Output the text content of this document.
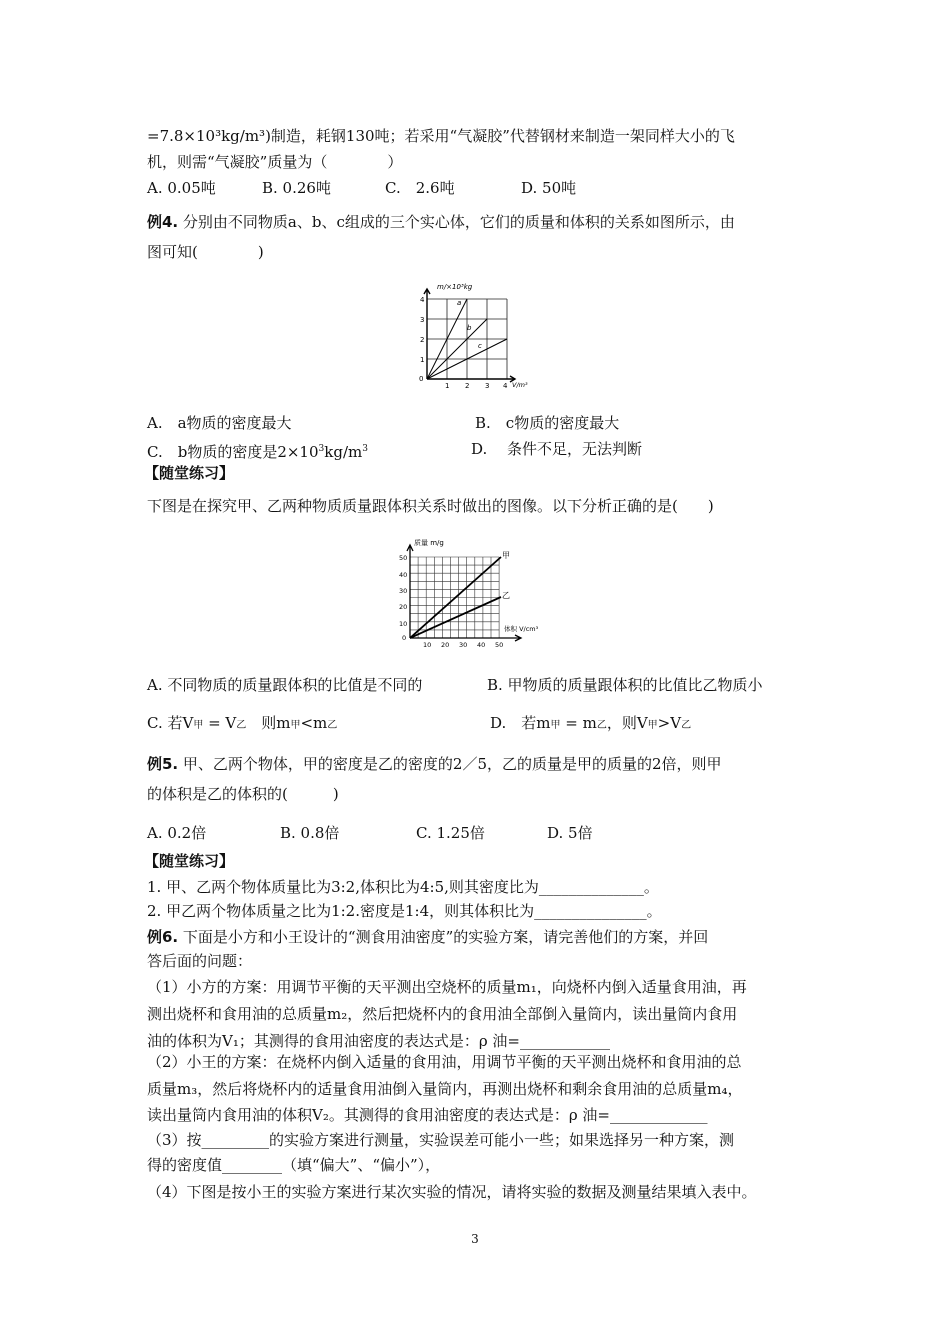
=7.8×10³kg/m³)制造，耗钢130吨；若采用“气凝胶”代替钢材来制造一架同样大小的飞
机，则需“气凝胶”质量为（　　　　）
A. 0.05吨	B. 0.26吨	C.　2.6吨	D. 50吨
例4. 分别由不同物质a、b、c组成的三个实心体，它们的质量和体积的关系如图所示，由
图可知(　　　　)
m/×10³kg
V/m³
0
1
2
3
4
1 2 3 4
a
b
c
A.　a物质的密度最大	B.　c物质的密度最大
C.　b物质的密度是$2\times 10^3kg/m^3$	D.　 条件不足，无法判断
【随堂练习】
下图是在探究甲、乙两种物质质量跟体积关系时做出的图像。以下分析正确的是(　　)
质量 m/g
体积 V/cm³
甲
乙
0
10
20
30
40
50
10 20 30 40 50
A. 不同物质的质量跟体积的比值是不同的	B. 甲物质的质量跟体积的比值比乙物质小
C. 若V甲 = V乙　则m甲<m乙	D.　若m甲 = m乙，则V甲>V乙
例5. 甲、乙两个物体，甲的密度是乙的密度的2／5，乙的质量是甲的质量的2倍，则甲
的体积是乙的体积的(　　　)
A. 0.2倍	B. 0.8倍	C. 1.25倍	D. 5倍
【随堂练习】
1. 甲、乙两个物体质量比为3:2,体积比为4:5,则其密度比为______________。
2. 甲乙两个物体质量之比为1:2.密度是1:4，则其体积比为_______________。
例6. 下面是小方和小王设计的“测食用油密度”的实验方案，请完善他们的方案，并回
答后面的问题：
（1）小方的方案：用调节平衡的天平测出空烧杯的质量m₁，向烧杯内倒入适量食用油，再
测出烧杯和食用油的总质量m₂，然后把烧杯内的食用油全部倒入量筒内，读出量筒内食用
油的体积为V₁；其测得的食用油密度的表达式是：ρ 油=____________
（2）小王的方案：在烧杯内倒入适量的食用油，用调节平衡的天平测出烧杯和食用油的总
质量m₃，然后将烧杯内的适量食用油倒入量筒内，再测出烧杯和剩余食用油的总质量m₄，
读出量筒内食用油的体积V₂。其测得的食用油密度的表达式是：ρ 油=_____________
（3）按_________的实验方案进行测量，实验误差可能小一些；如果选择另一种方案，测
得的密度值________（填“偏大”、“偏小”），
（4）下图是按小王的实验方案进行某次实验的情况，请将实验的数据及测量结果填入表中。
3
